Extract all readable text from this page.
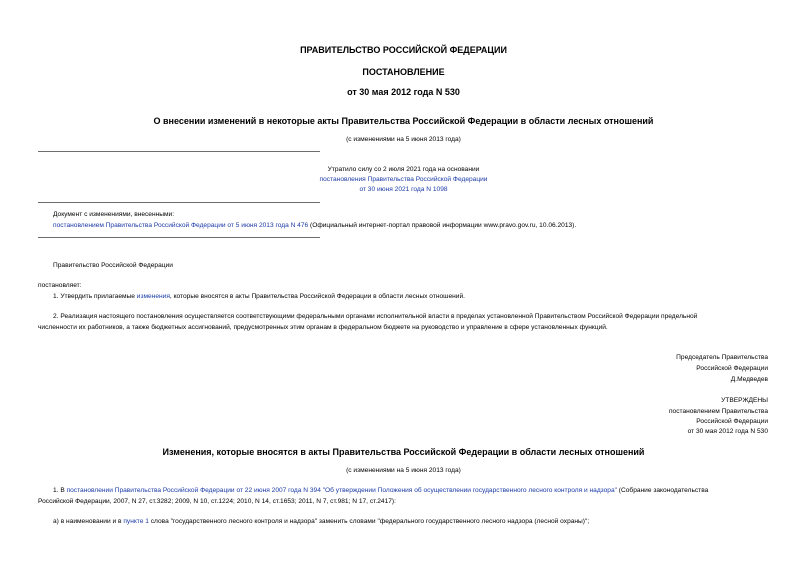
ПРАВИТЕЛЬСТВО РОССИЙСКОЙ ФЕДЕРАЦИИ
ПОСТАНОВЛЕНИЕ
от 30 мая 2012 года N 530
О внесении изменений в некоторые акты Правительства Российской Федерации в области лесных отношений
(с изменениями на 5 июня 2013 года)
Утратило силу со 2 июля 2021 года на основании
постановления Правительства Российской Федерации
от 30 июня 2021 года N 1098
Документ с изменениями, внесенными:
постановлением Правительства Российской Федерации от 5 июня 2013 года N 476 (Официальный интернет-портал правовой информации www.pravo.gov.ru, 10.06.2013).
Правительство Российской Федерации
постановляет:
1. Утвердить прилагаемые изменения, которые вносятся в акты Правительства Российской Федерации в области лесных отношений.
2. Реализация настоящего постановления осуществляется соответствующими федеральными органами исполнительной власти в пределах установленной Правительством Российской Федерации предельной
численности их работников, а также бюджетных ассигнований, предусмотренных этим органам в федеральном бюджете на руководство и управление в сфере установленных функций.
Председатель Правительства
Российской Федерации
Д.Медведев
УТВЕРЖДЕНЫ
постановлением Правительства
Российской Федерации
от 30 мая 2012 года N 530
Изменения, которые вносятся в акты Правительства Российской Федерации в области лесных отношений
(с изменениями на 5 июня 2013 года)
1. В постановлении Правительства Российской Федерации от 22 июня 2007 года N 394 "Об утверждении Положения об осуществлении государственного лесного контроля и надзора" (Собрание законодательства
Российской Федерации, 2007, N 27, ст.3282; 2009, N 10, ст.1224; 2010, N 14, ст.1653; 2011, N 7, ст.981; N 17, ст.2417):
а) в наименовании и в пункте 1 слова "государственного лесного контроля и надзора" заменить словами "федерального государственного лесного надзора (лесной охраны)";
